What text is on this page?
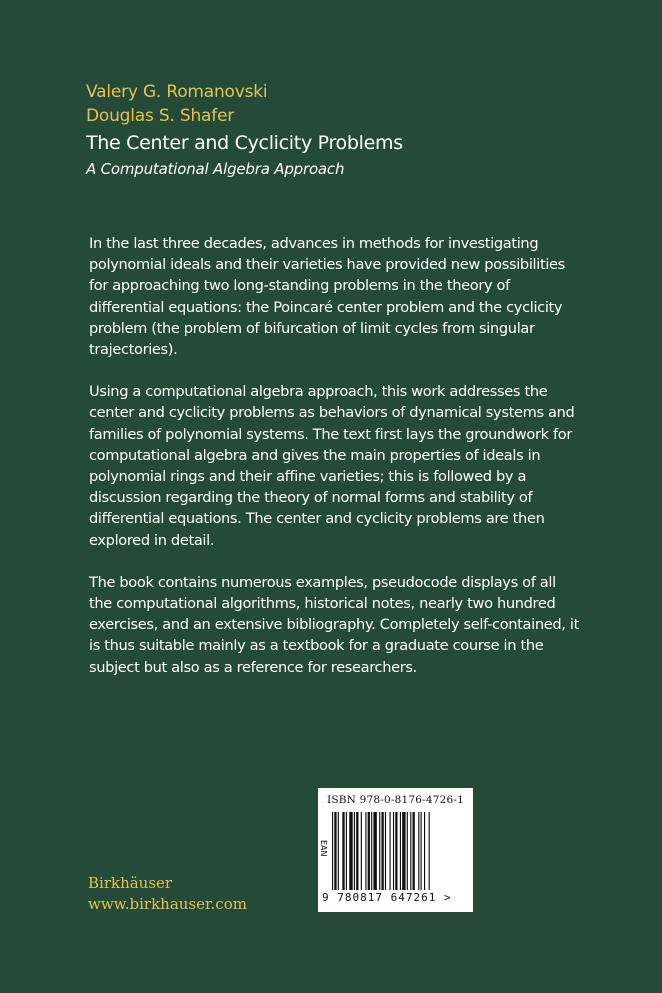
Valery G. Romanovski
Douglas S. Shafer
The Center and Cyclicity Problems
A Computational Algebra Approach

In the last three decades, advances in methods for investigating polynomial ideals and their varieties have provided new possibilities for approaching two long-standing problems in the theory of differential equations: the Poincaré center problem and the cyclicity problem (the problem of bifurcation of limit cycles from singular trajectories).

Using a computational algebra approach, this work addresses the center and cyclicity problems as behaviors of dynamical systems and families of polynomial systems. The text first lays the groundwork for computational algebra and gives the main properties of ideals in polynomial rings and their affine varieties; this is followed by a discussion regarding the theory of normal forms and stability of differential equations. The center and cyclicity problems are then explored in detail.

The book contains numerous examples, pseudocode displays of all the computational algorithms, historical notes, nearly two hundred exercises, and an extensive bibliography. Completely self-contained, it is thus suitable mainly as a textbook for a graduate course in the subject but also as a reference for researchers.

ISBN 978-0-8176-4726-1
EAN
9 780817 647261 >
Birkhäuser
www.birkhauser.com
